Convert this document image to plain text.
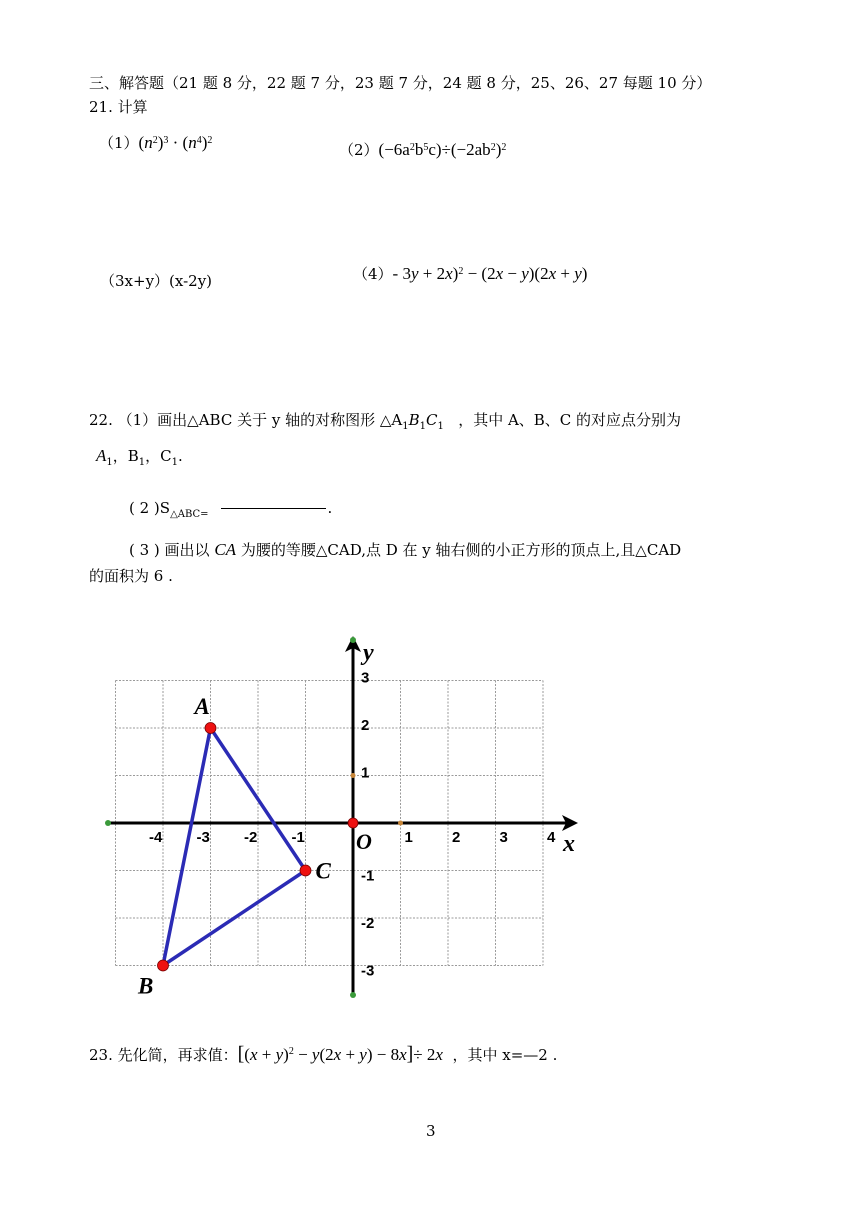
三、解答题（21 题 8 分，22 题 7 分，23 题 7 分，24 题 8 分，25、26、27 每题 10 分）
21. 计算
$(1)(n^2)^3 \cdot (n^4)^2$
$(2)(-6a^2b^5c)\div(-2ab^2)^2$
（3x+y）(x-2y)	（4）- 3y + 2x)$^2$ − (2x − y)(2x + y)
22. （1）画出△ABC 关于 y 轴的对称图形 $\triangle A_1B_1C_1$ ，其中 A、B、C 的对应点分别为
$A_1$，$B_1$，$C_1$.
( 2 )$S_{\triangle ABC=}$	.
( 3 ) 画出以 CA 为腰的等腰△CAD,点 D 在 y 轴右侧的小正方形的顶点上,且△CAD
的面积为 6 .
x
y
O
-4 -3 -2 -1	1	2	3	4
3
2
1
-1
-2
-3
A
B
C
23. 先化简，再求值：$[(x + y)^2 - y(2x + y) - 8x]\div 2x$ ，其中 x=—2 .
3
